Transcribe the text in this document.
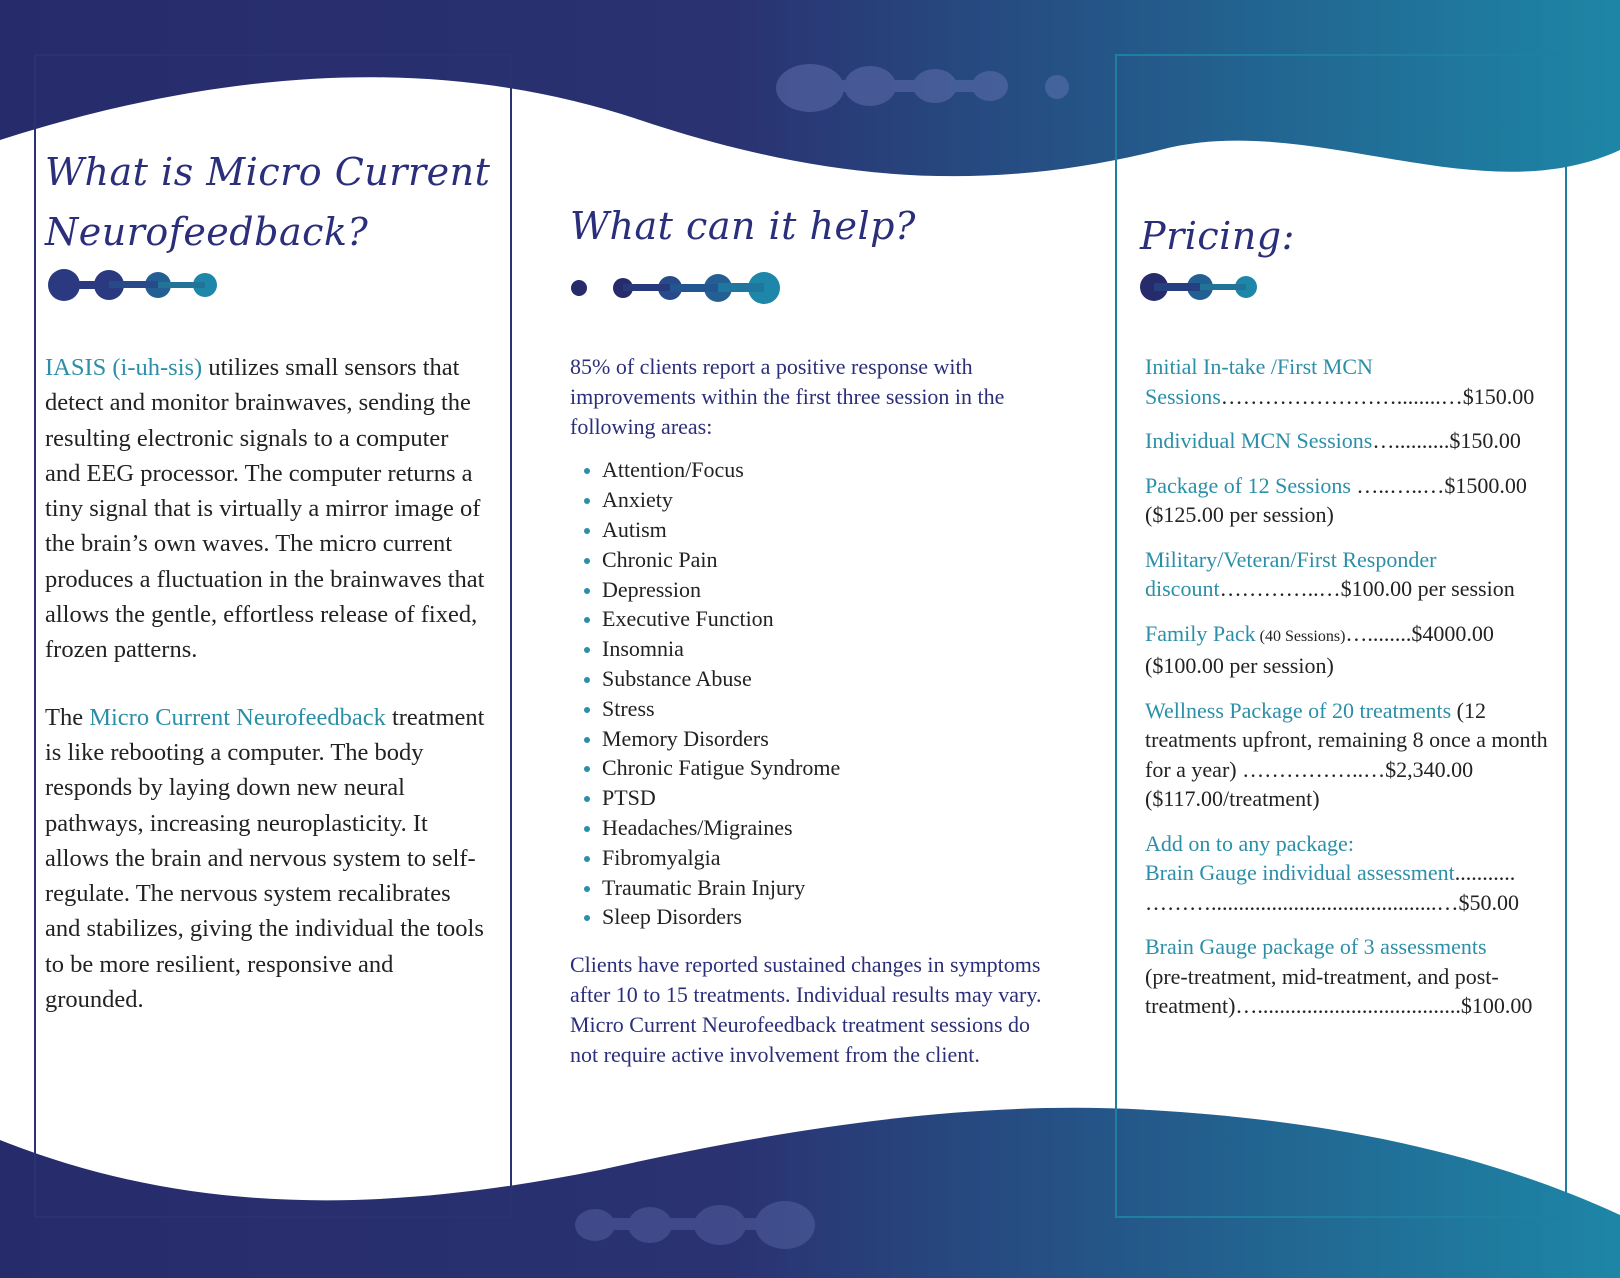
What is Micro Current
Neurofeedback?

IASIS (i-uh-sis) utilizes small sensors that detect and monitor brainwaves, sending the resulting electronic signals to a computer and EEG processor. The computer returns a tiny signal that is virtually a mirror image of the brain’s own waves. The micro current produces a fluctuation in the brainwaves that allows the gentle, effortless release of fixed, frozen patterns.

The Micro Current Neurofeedback treatment is like rebooting a computer. The body responds by laying down new neural pathways, increasing neuroplasticity. It allows the brain and nervous system to self-regulate. The nervous system recalibrates and stabilizes, giving the individual the tools to be more resilient, responsive and grounded.

What can it help?

85% of clients report a positive response with improvements within the first three session in the following areas:

Attention/Focus
Anxiety
Autism
Chronic Pain
Depression
Executive Function
Insomnia
Substance Abuse
Stress
Memory Disorders
Chronic Fatigue Syndrome
PTSD
Headaches/Migraines
Fibromyalgia
Traumatic Brain Injury
Sleep Disorders

Clients have reported sustained changes in symptoms after 10 to 15 treatments. Individual results may vary. Micro Current Neurofeedback treatment sessions do not require active involvement from the client.

Pricing:
Initial In-take /First MCN Sessions……………………........…$150.00
Individual MCN Sessions…..........$150.00
Package of 12 Sessions …..…..…$1500.00
($125.00 per session)
Military/Veteran/First Responder discount…………..…$100.00 per session
Family Pack (40 Sessions)…........$4000.00
($100.00 per session)
Wellness Package of 20 treatments (12 treatments upfront, remaining 8 once a month for a year) ……………..…$2,340.00
($117.00/treatment)
Add on to any package:
Brain Gauge individual assessment........... ……….........................................…$50.00
Brain Gauge package of 3 assessments
(pre-treatment, mid-treatment, and post-treatment)….....................................$100.00
